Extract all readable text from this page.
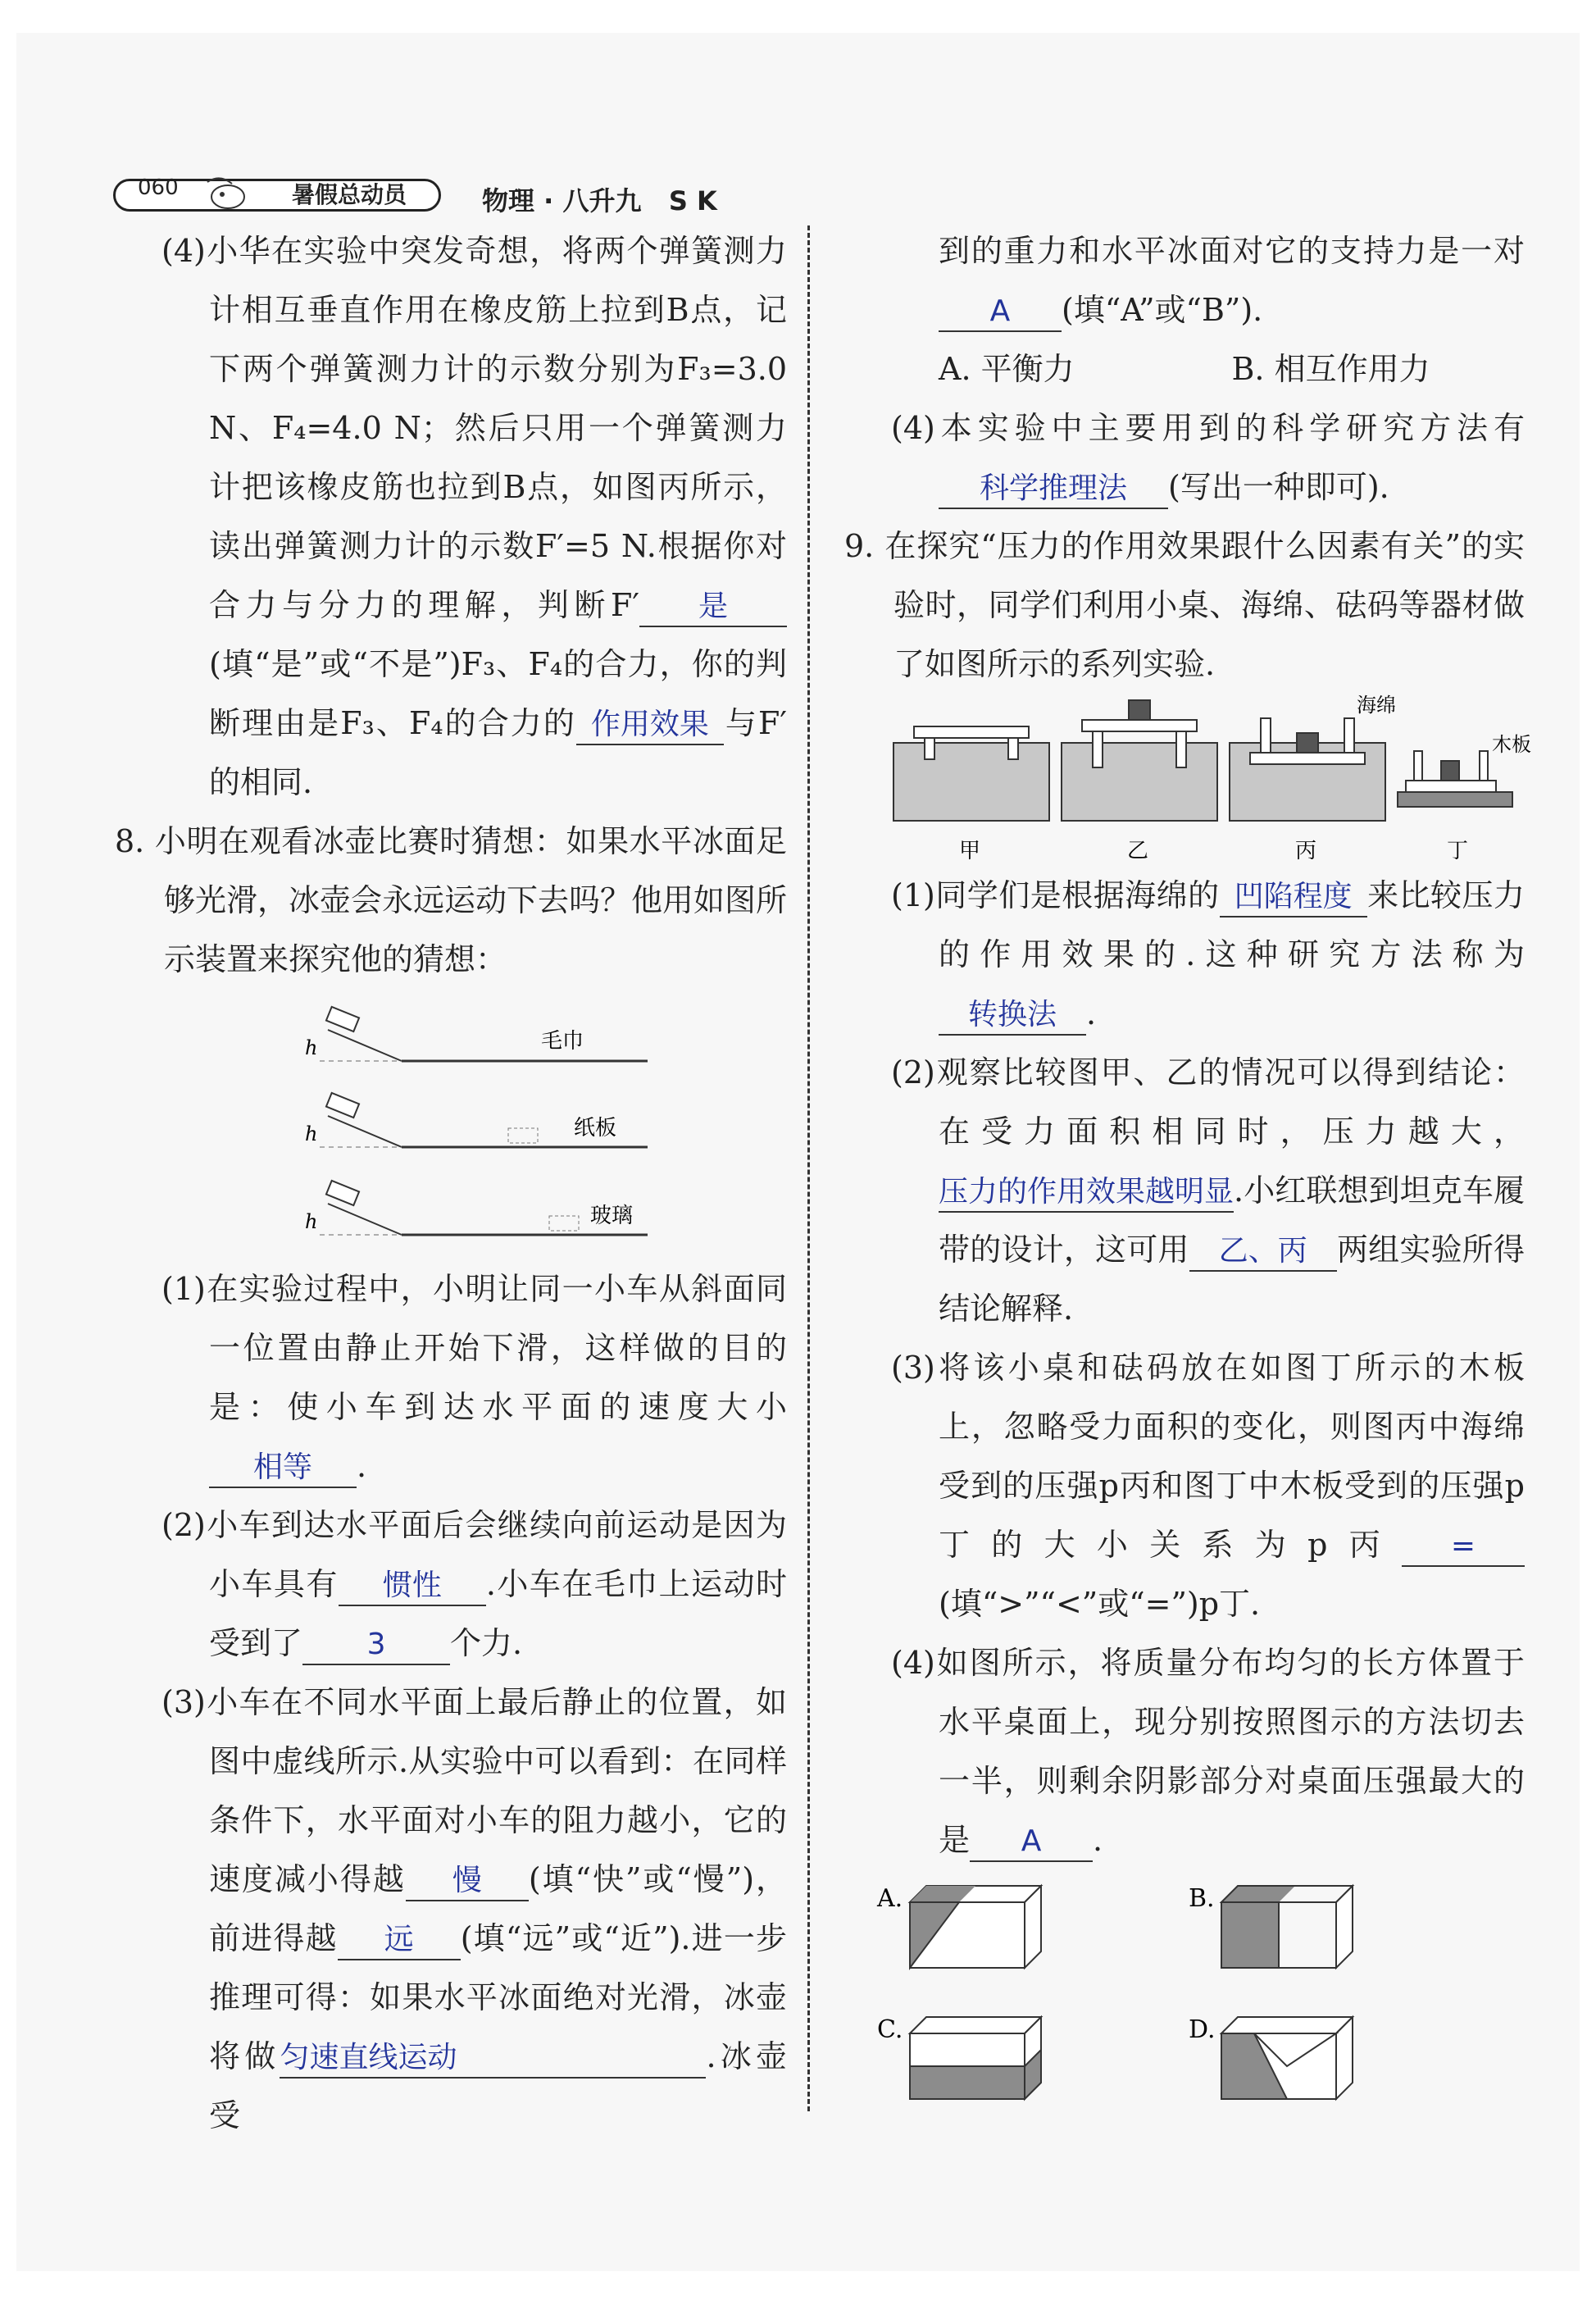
060	暑假总动员	物理 · 八升九   S K

(4)小华在实验中突发奇想，将两个弹簧测力计相互垂直作用在橡皮筋上拉到B点，记下两个弹簧测力计的示数分别为F₃=3.0 N、F₄=4.0 N；然后只用一个弹簧测力计把该橡皮筋也拉到B点，如图丙所示，读出弹簧测力计的示数F′=5 N.根据你对合力与分力的理解，判断F′ 是(填“是”或“不是”)F₃、F₄的合力，你的判断理由是F₃、F₄的合力的 作用效果 与F′的相同.

8. 小明在观看冰壶比赛时猜想：如果水平冰面足够光滑，冰壶会永远运动下去吗？他用如图所示装置来探究他的猜想：

h	毛巾
h	纸板
h	玻璃

(1)在实验过程中，小明让同一小车从斜面同一位置由静止开始下滑，这样做的目的是：使小车到达水平面的速度大小相等 .

(2)小车到达水平面后会继续向前运动是因为小车具有 惯性 .小车在毛巾上运动时受到了 3 个力.

(3)小车在不同水平面上最后静止的位置，如图中虚线所示.从实验中可以看到：在同样条件下，水平面对小车的阻力越小，它的速度减小得越 慢 (填“快”或“慢”)，前进得越 远 (填“远”或“近”).进一步推理可得：如果水平冰面绝对光滑，冰壶将做匀速直线运动	.冰壶受

到的重力和水平冰面对它的支持力是一对A (填“A”或“B”).

A. 平衡力	B. 相互作用力

(4)本实验中主要用到的科学研究方法有科学推理法 (写出一种即可).

9. 在探究“压力的作用效果跟什么因素有关”的实验时，同学们利用小桌、海绵、砝码等器材做了如图所示的系列实验.

甲	乙	丙
海绵
丁
木板

(1)同学们是根据海绵的 凹陷程度 来比较压力的作用效果的.这种研究方法称为转换法 .

(2)观察比较图甲、乙的情况可以得到结论：在受力面积相同时，压力越大，压力的作用效果越明显.小红联想到坦克车履带的设计，这可用 乙、丙 两组实验所得结论解释.

(3)将该小桌和砝码放在如图丁所示的木板上，忽略受力面积的变化，则图丙中海绵受到的压强p丙和图丁中木板受到的压强p丁的大小关系为p丙 =(填“>”“<”或“=”)p丁.

(4)如图所示，将质量分布均匀的长方体置于水平桌面上，现分别按照图示的方法切去一半，则剩余阴影部分对桌面压强最大的是 A .

A.	B.
C.	D.
